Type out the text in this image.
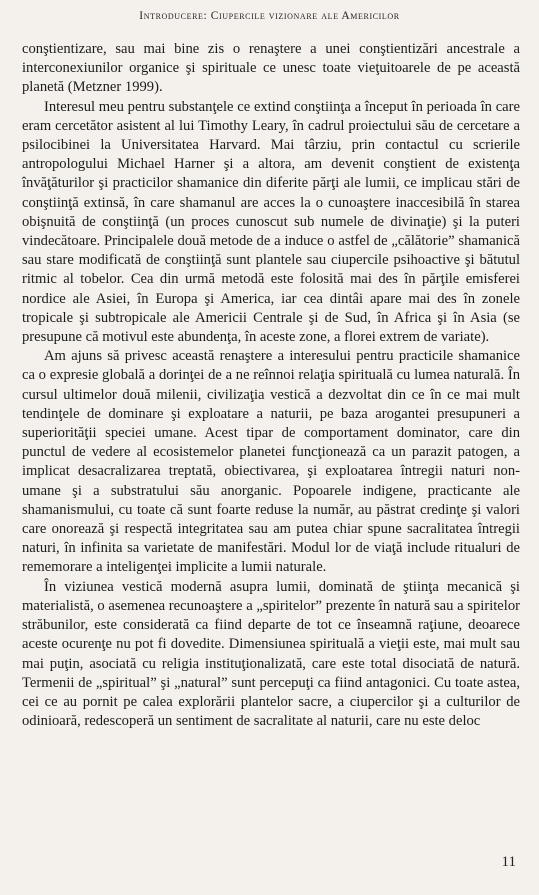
Introducere: Ciupercile vizionare ale Americilor

conştientizare, sau mai bine zis o renaştere a unei conştientizări ancestrale a interconexiunilor organice şi spirituale ce unesc toate vieţuitoarele de pe această planetă (Metzner 1999).

Interesul meu pentru substanţele ce extind conştiinţa a început în perioada în care eram cercetător asistent al lui Timothy Leary, în cadrul proiectului său de cercetare a psilocibinei la Universitatea Harvard. Mai târziu, prin contactul cu scrierile antropologului Michael Harner şi a altora, am devenit conştient de existenţa învăţăturilor şi practicilor shamanice din diferite părţi ale lumii, ce implicau stări de conştiinţă extinsă, în care shamanul are acces la o cunoaştere inaccesibilă în starea obişnuită de conştiinţă (un proces cunoscut sub numele de divinaţie) şi la puteri vindecătoare. Principalele două metode de a induce o astfel de „călătorie” shamanică sau stare modificată de conştiinţă sunt plantele sau ciupercile psihoactive şi bătutul ritmic al tobelor. Cea din urmă metodă este folosită mai des în părţile emisferei nordice ale Asiei, în Europa şi America, iar cea dintâi apare mai des în zonele tropicale şi subtropicale ale Americii Centrale şi de Sud, în Africa şi în Asia (se presupune că motivul este abundenţa, în aceste zone, a florei extrem de variate).

Am ajuns să privesc această renaştere a interesului pentru practicile shamanice ca o expresie globală a dorinţei de a ne reînnoi relaţia spirituală cu lumea naturală. În cursul ultimelor două milenii, civilizaţia vestică a dezvoltat din ce în ce mai mult tendinţele de dominare şi exploatare a naturii, pe baza arogantei presupuneri a superiorităţii speciei umane. Acest tipar de comportament dominator, care din punctul de vedere al ecosistemelor planetei funcţionează ca un parazit patogen, a implicat desacralizarea treptată, obiectivarea, şi exploatarea întregii naturi non-umane şi a substratului său anorganic. Popoarele indigene, practicante ale shamanismului, cu toate că sunt foarte reduse la număr, au păstrat credinţe şi valori care onorează şi respectă integritatea sau am putea chiar spune sacralitatea întregii naturi, în infinita sa varietate de manifestări. Modul lor de viaţă include ritualuri de rememorare a inteligenţei implicite a lumii naturale.

În viziunea vestică modernă asupra lumii, dominată de ştiinţa mecanică şi materialistă, o asemenea recunoaştere a „spiritelor” prezente în natură sau a spiritelor străbunilor, este considerată ca fiind departe de tot ce înseamnă raţiune, deoarece aceste ocurenţe nu pot fi dovedite. Dimensiunea spirituală a vieţii este, mai mult sau mai puţin, asociată cu religia instituţionalizată, care este total disociată de natură. Termenii de „spiritual” şi „natural” sunt percepuţi ca fiind antagonici. Cu toate astea, cei ce au pornit pe calea explorării plantelor sacre, a ciupercilor şi a culturilor de odinioară, redescoperă un sentiment de sacralitate al naturii, care nu este deloc

11
